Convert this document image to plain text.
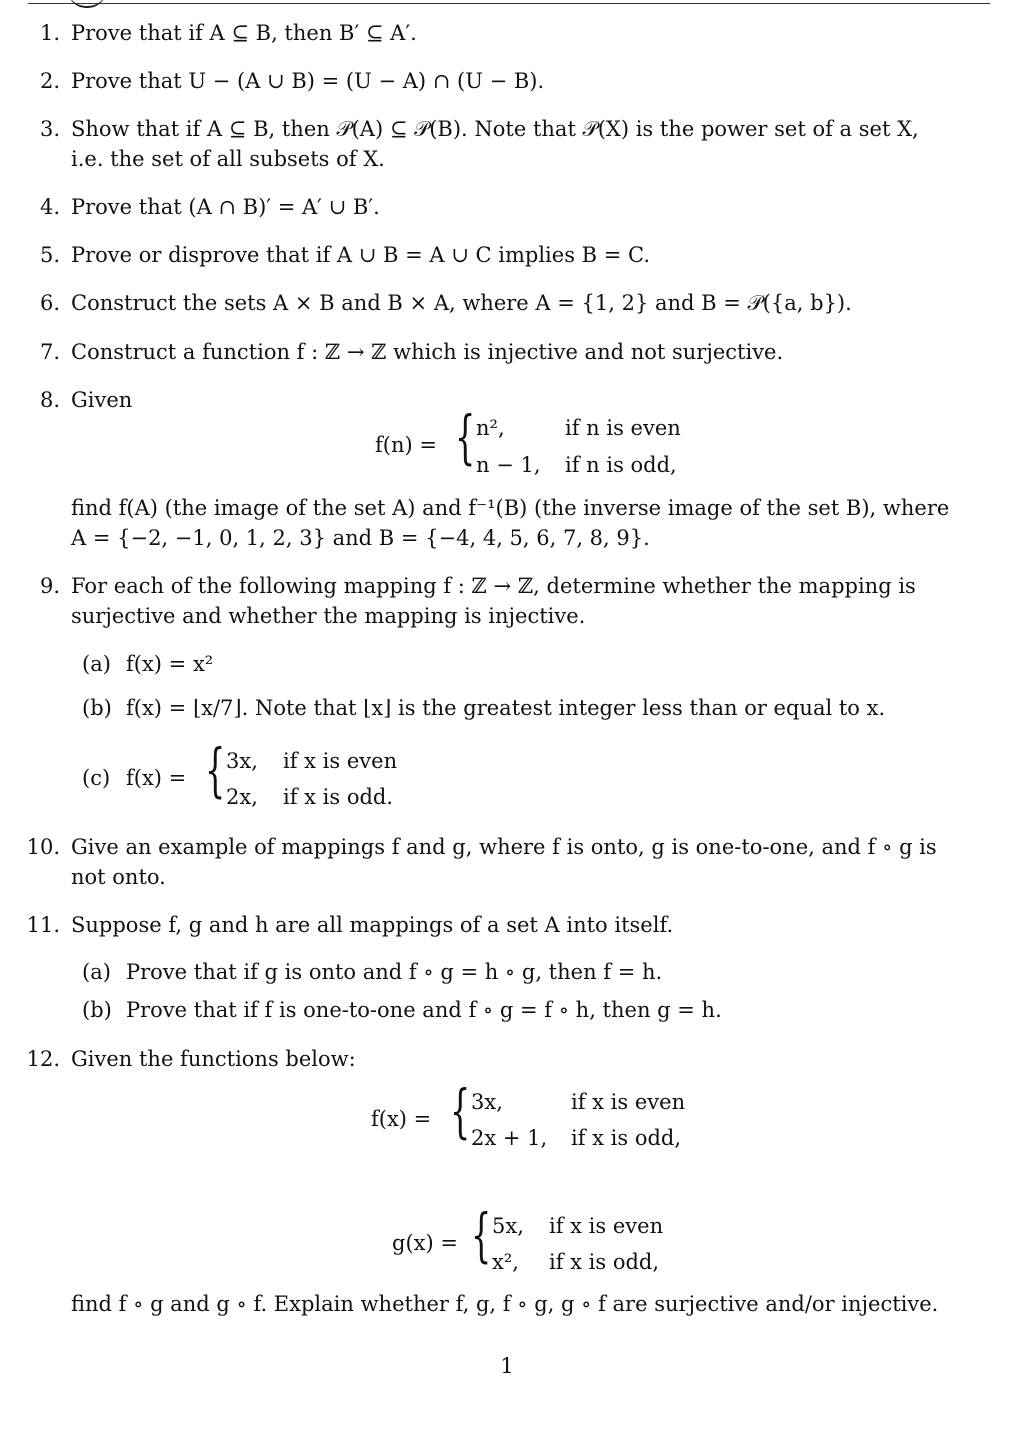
1. Prove that if A ⊆ B, then B′ ⊆ A′.
2. Prove that U − (A ∪ B) = (U − A) ∩ (U − B).
3. Show that if A ⊆ B, then 𝒫(A) ⊆ 𝒫(B). Note that 𝒫(X) is the power set of a set X,
i.e. the set of all subsets of X.
4. Prove that (A ∩ B)′ = A′ ∪ B′.
5. Prove or disprove that if A ∪ B = A ∪ C implies B = C.
6. Construct the sets A × B and B × A, where A = {1, 2} and B = 𝒫({a, b}).
7. Construct a function f : ℤ → ℤ which is injective and not surjective.
8. Given
f(n) = { n²,	if n is even
n − 1, if n is odd,
find f(A) (the image of the set A) and f⁻¹(B) (the inverse image of the set B), where
A = {−2, −1, 0, 1, 2, 3} and B = {−4, 4, 5, 6, 7, 8, 9}.
9. For each of the following mapping f : ℤ → ℤ, determine whether the mapping is
surjective and whether the mapping is injective.
(a) f(x) = x²
(b) f(x) = ⌊x/7⌋. Note that ⌊x⌋ is the greatest integer less than or equal to x.
(c) f(x) = { 3x, if x is even
2x, if x is odd.
10. Give an example of mappings f and g, where f is onto, g is one-to-one, and f ∘ g is
not onto.
11. Suppose f, g and h are all mappings of a set A into itself.
(a) Prove that if g is onto and f ∘ g = h ∘ g, then f = h.
(b) Prove that if f is one-to-one and f ∘ g = f ∘ h, then g = h.
12. Given the functions below:
f(x) = { 3x,	if x is even
2x + 1, if x is odd,
g(x) = { 5x, if x is even
x², if x is odd,
find f ∘ g and g ∘ f. Explain whether f, g, f ∘ g, g ∘ f are surjective and/or injective.
1
